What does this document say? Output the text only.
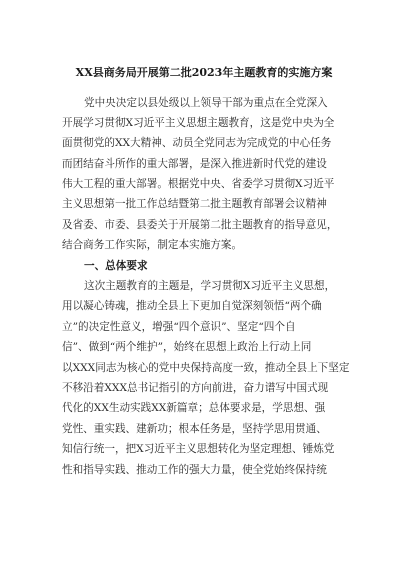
XX县商务局开展第二批2023年主题教育的实施方案
党中央决定以县处级以上领导干部为重点在全党深入
开展学习贯彻X习近平主义思想主题教育，这是党中央为全
面贯彻党的XX大精神、动员全党同志为完成党的中心任务
而团结奋斗所作的重大部署，是深入推进新时代党的建设
伟大工程的重大部署。根据党中央、省委学习贯彻X习近平
主义思想第一批工作总结暨第二批主题教育部署会议精神
及省委、市委、县委关于开展第二批主题教育的指导意见，
结合商务工作实际，制定本实施方案。
一、总体要求
这次主题教育的主题是，学习贯彻X习近平主义思想，
用以凝心铸魂，推动全县上下更加自觉深刻领悟“两个确
立”的决定性意义，增强“四个意识”、坚定“四个自
信”、做到“两个维护”，始终在思想上政治上行动上同
以XXX同志为核心的党中央保持高度一致，推动全县上下坚定
不移沿着XXX总书记指引的方向前进，奋力谱写中国式现
代化的XX生动实践XX新篇章；总体要求是，学思想、强
党性、重实践、建新功；根本任务是，坚持学思用贯通、
知信行统一，把X习近平主义思想转化为坚定理想、锤炼党
性和指导实践、推动工作的强大力量，使全党始终保持统
